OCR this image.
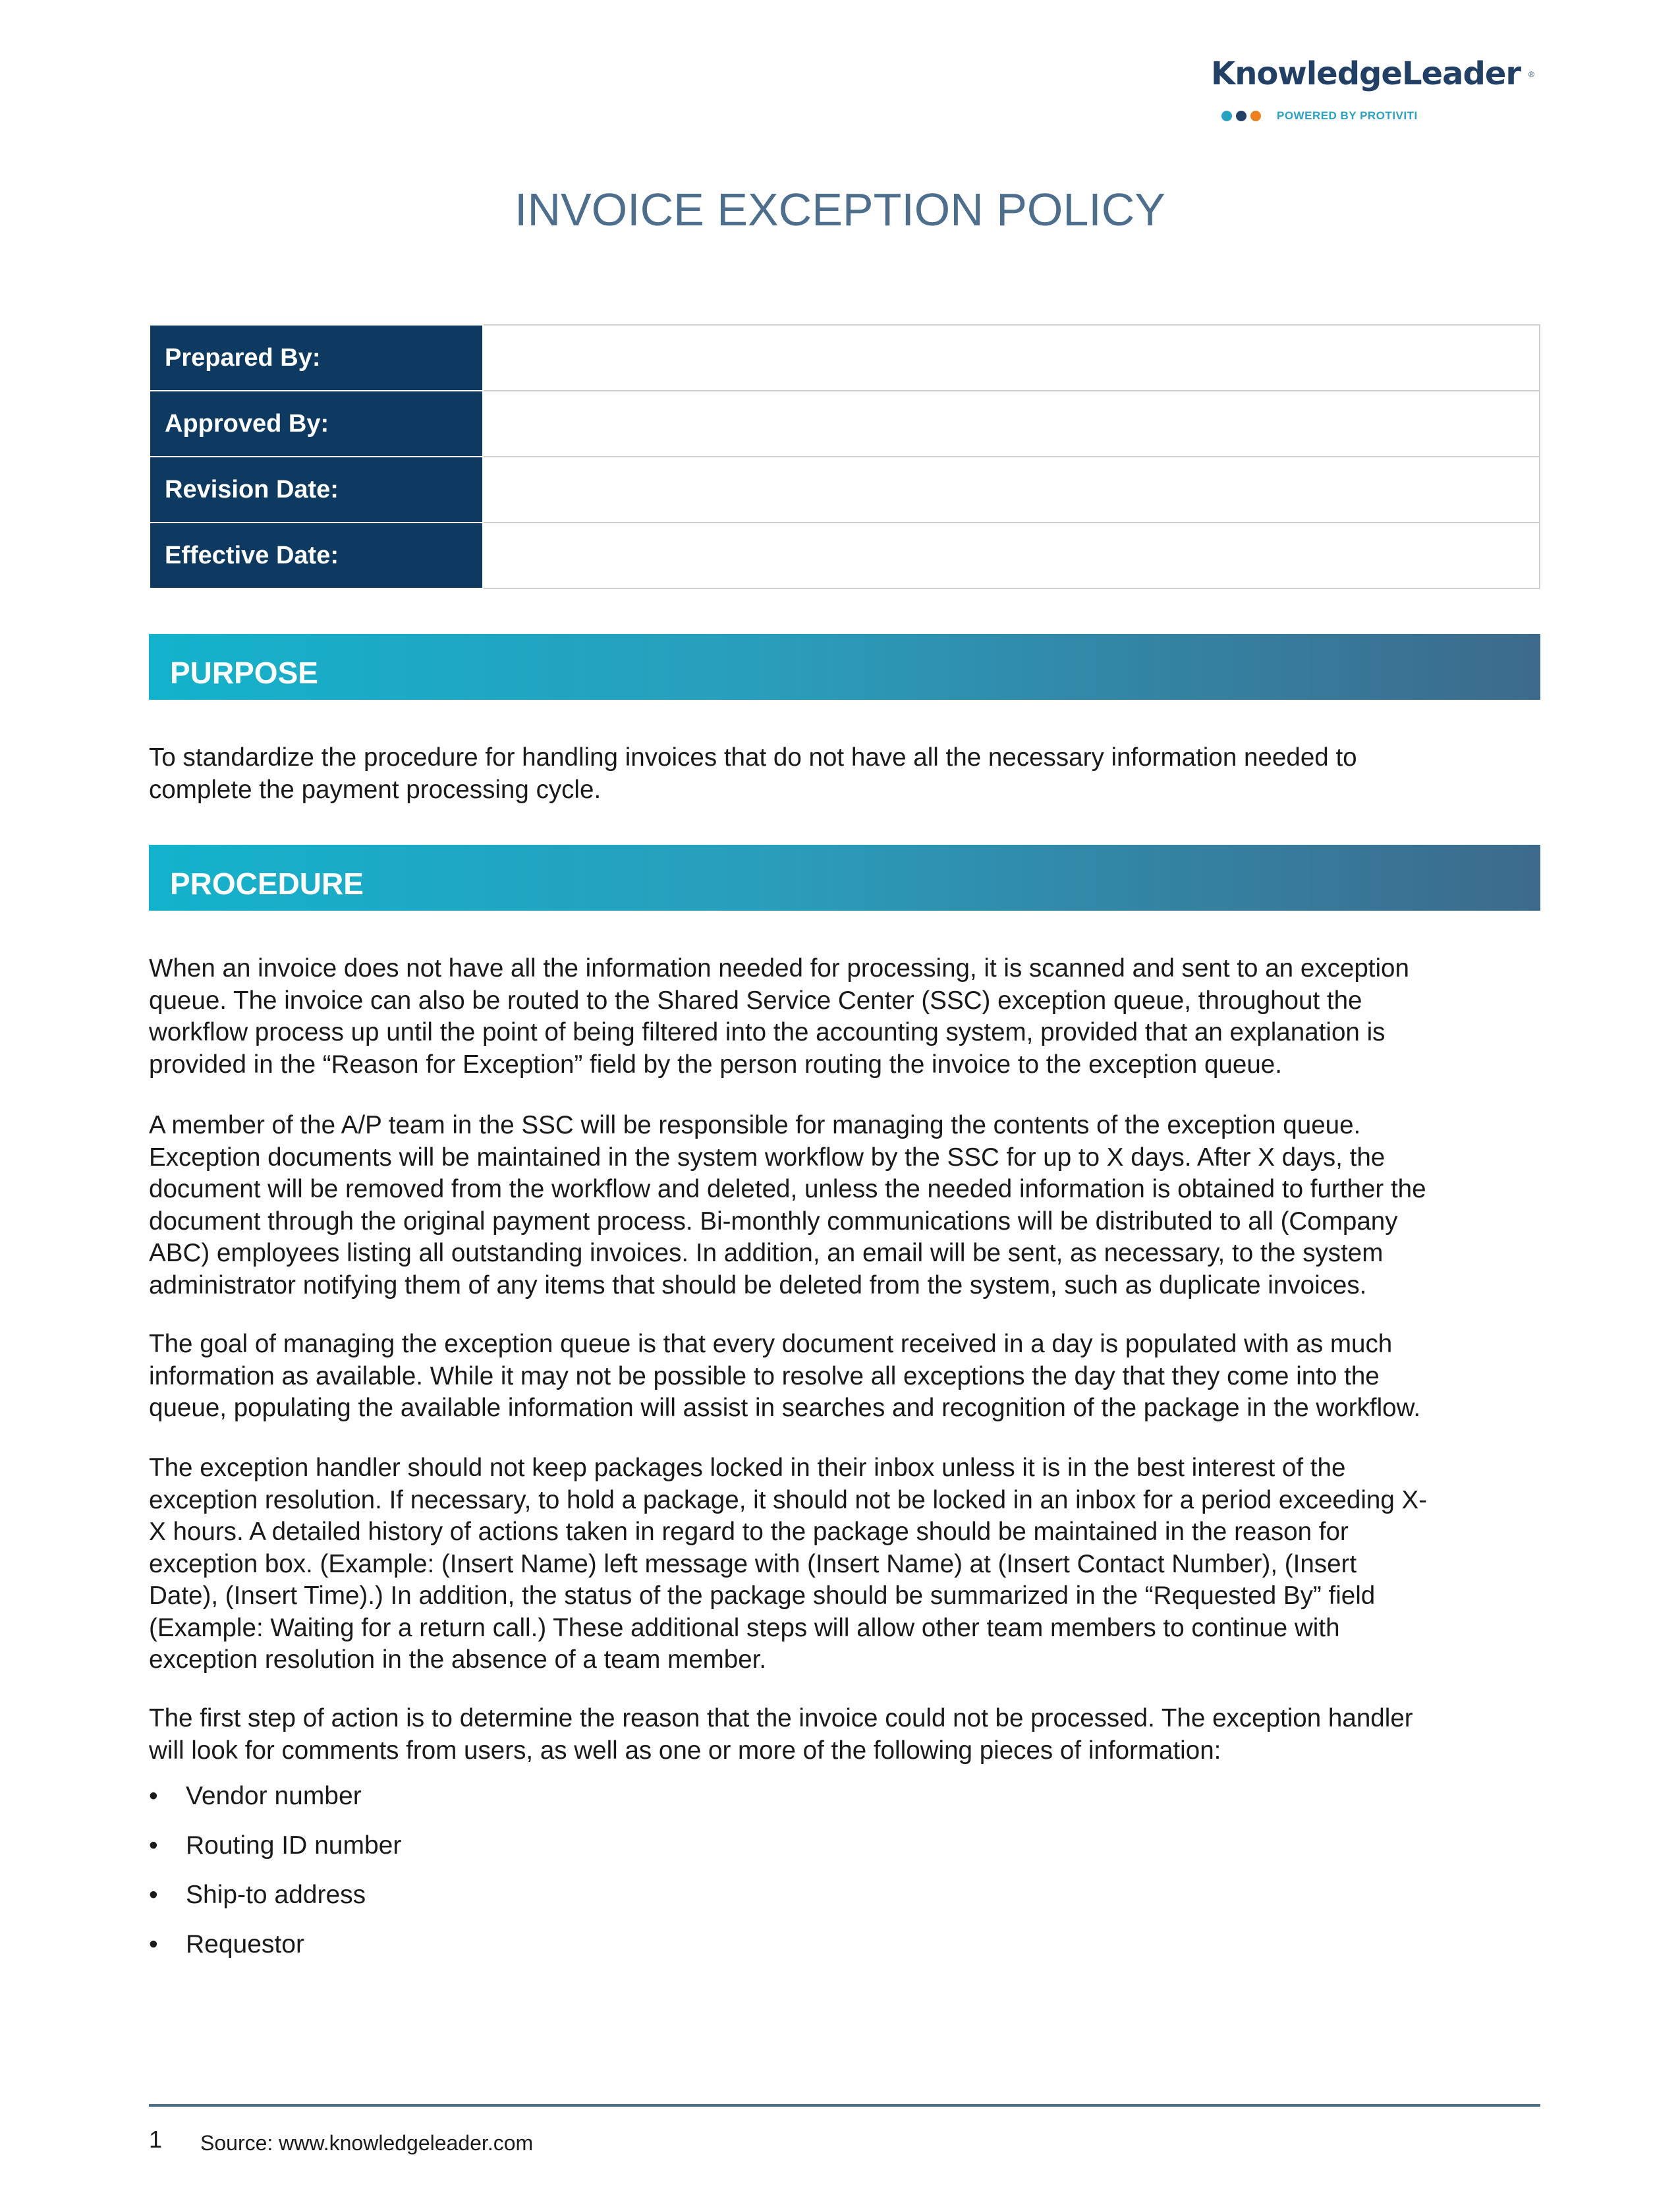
KnowledgeLeader ®
POWERED BY PROTIVITI
INVOICE EXCEPTION POLICY
Prepared By:	
Approved By:	
Revision Date:	
Effective Date:	
PURPOSE

To standardize the procedure for handling invoices that do not have all the necessary information needed to
complete the payment processing cycle.

PROCEDURE

When an invoice does not have all the information needed for processing, it is scanned and sent to an exception
queue. The invoice can also be routed to the Shared Service Center (SSC) exception queue, throughout the
workflow process up until the point of being filtered into the accounting system, provided that an explanation is
provided in the “Reason for Exception” field by the person routing the invoice to the exception queue.

A member of the A/P team in the SSC will be responsible for managing the contents of the exception queue.
Exception documents will be maintained in the system workflow by the SSC for up to X days. After X days, the
document will be removed from the workflow and deleted, unless the needed information is obtained to further the
document through the original payment process. Bi-monthly communications will be distributed to all (Company
ABC) employees listing all outstanding invoices. In addition, an email will be sent, as necessary, to the system
administrator notifying them of any items that should be deleted from the system, such as duplicate invoices.

The goal of managing the exception queue is that every document received in a day is populated with as much
information as available. While it may not be possible to resolve all exceptions the day that they come into the
queue, populating the available information will assist in searches and recognition of the package in the workflow.

The exception handler should not keep packages locked in their inbox unless it is in the best interest of the
exception resolution. If necessary, to hold a package, it should not be locked in an inbox for a period exceeding X-
X hours. A detailed history of actions taken in regard to the package should be maintained in the reason for
exception box. (Example: (Insert Name) left message with (Insert Name) at (Insert Contact Number), (Insert
Date), (Insert Time).) In addition, the status of the package should be summarized in the “Requested By” field
(Example: Waiting for a return call.) These additional steps will allow other team members to continue with
exception resolution in the absence of a team member.

The first step of action is to determine the reason that the invoice could not be processed. The exception handler
will look for comments from users, as well as one or more of the following pieces of information:

• Vendor number
• Routing ID number
• Ship-to address
• Requestor
1 Source: www.knowledgeleader.com
